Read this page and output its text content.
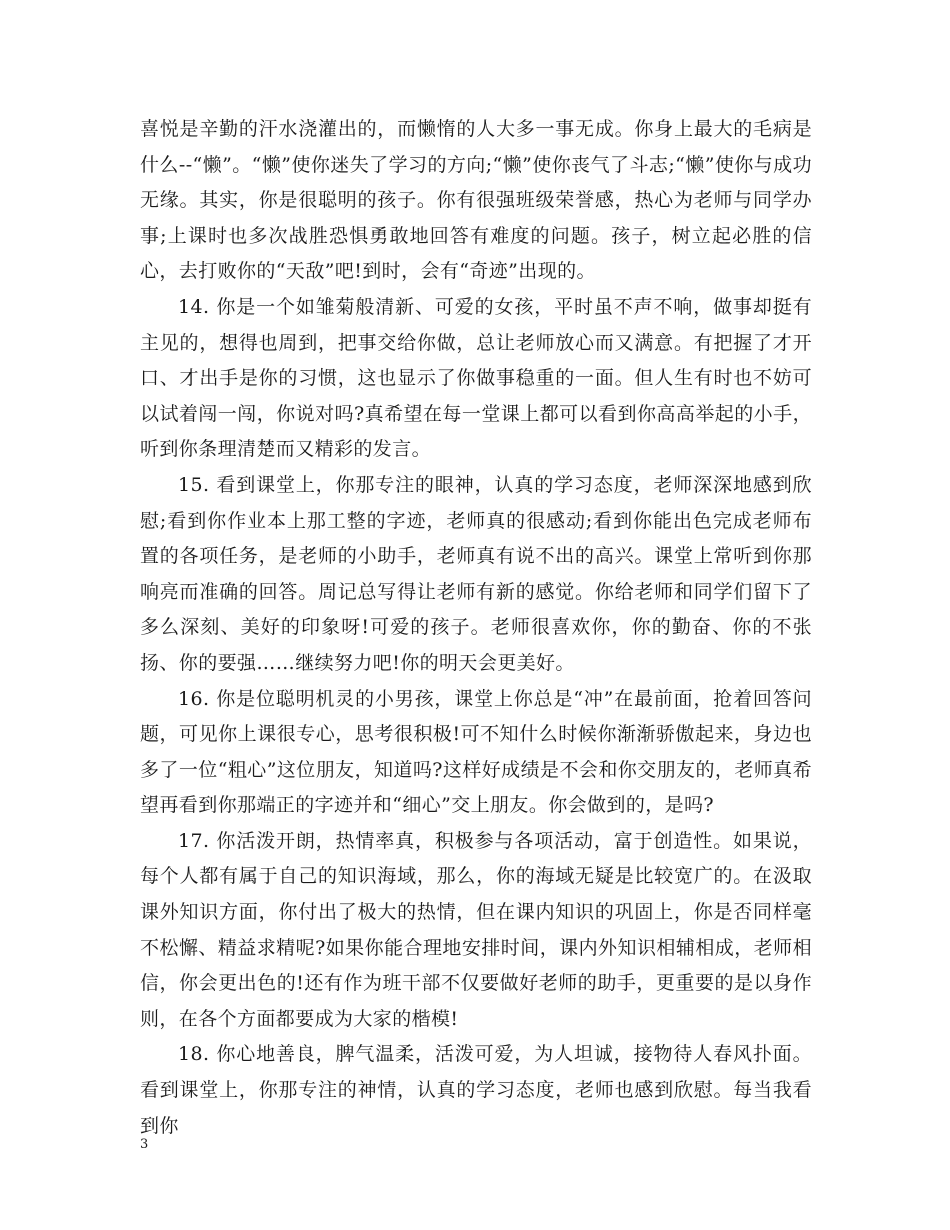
喜悦是辛勤的汗水浇灌出的，而懒惰的人大多一事无成。你身上最大的毛病是什么--“懒”。“懒”使你迷失了学习的方向;“懒”使你丧气了斗志;“懒”使你与成功无缘。其实，你是很聪明的孩子。你有很强班级荣誉感，热心为老师与同学办事;上课时也多次战胜恐惧勇敢地回答有难度的问题。孩子，树立起必胜的信心，去打败你的“天敌”吧!到时，会有“奇迹”出现的。

14. 你是一个如雏菊般清新、可爱的女孩，平时虽不声不响，做事却挺有主见的，想得也周到，把事交给你做，总让老师放心而又满意。有把握了才开口、才出手是你的习惯，这也显示了你做事稳重的一面。但人生有时也不妨可以试着闯一闯，你说对吗?真希望在每一堂课上都可以看到你高高举起的小手，听到你条理清楚而又精彩的发言。

15. 看到课堂上，你那专注的眼神，认真的学习态度，老师深深地感到欣慰;看到你作业本上那工整的字迹，老师真的很感动;看到你能出色完成老师布置的各项任务，是老师的小助手，老师真有说不出的高兴。课堂上常听到你那响亮而准确的回答。周记总写得让老师有新的感觉。你给老师和同学们留下了多么深刻、美好的印象呀!可爱的孩子。老师很喜欢你，你的勤奋、你的不张扬、你的要强……继续努力吧!你的明天会更美好。

16. 你是位聪明机灵的小男孩，课堂上你总是“冲”在最前面，抢着回答问题，可见你上课很专心，思考很积极!可不知什么时候你渐渐骄傲起来，身边也多了一位“粗心”这位朋友，知道吗?这样好成绩是不会和你交朋友的，老师真希望再看到你那端正的字迹并和“细心”交上朋友。你会做到的，是吗?

17. 你活泼开朗，热情率真，积极参与各项活动，富于创造性。如果说，每个人都有属于自己的知识海域，那么，你的海域无疑是比较宽广的。在汲取课外知识方面，你付出了极大的热情，但在课内知识的巩固上，你是否同样毫不松懈、精益求精呢?如果你能合理地安排时间，课内外知识相辅相成，老师相信，你会更出色的!还有作为班干部不仅要做好老师的助手，更重要的是以身作则，在各个方面都要成为大家的楷模!

18. 你心地善良，脾气温柔，活泼可爱，为人坦诚，接物待人春风扑面。看到课堂上，你那专注的神情，认真的学习态度，老师也感到欣慰。每当我看到你

3
